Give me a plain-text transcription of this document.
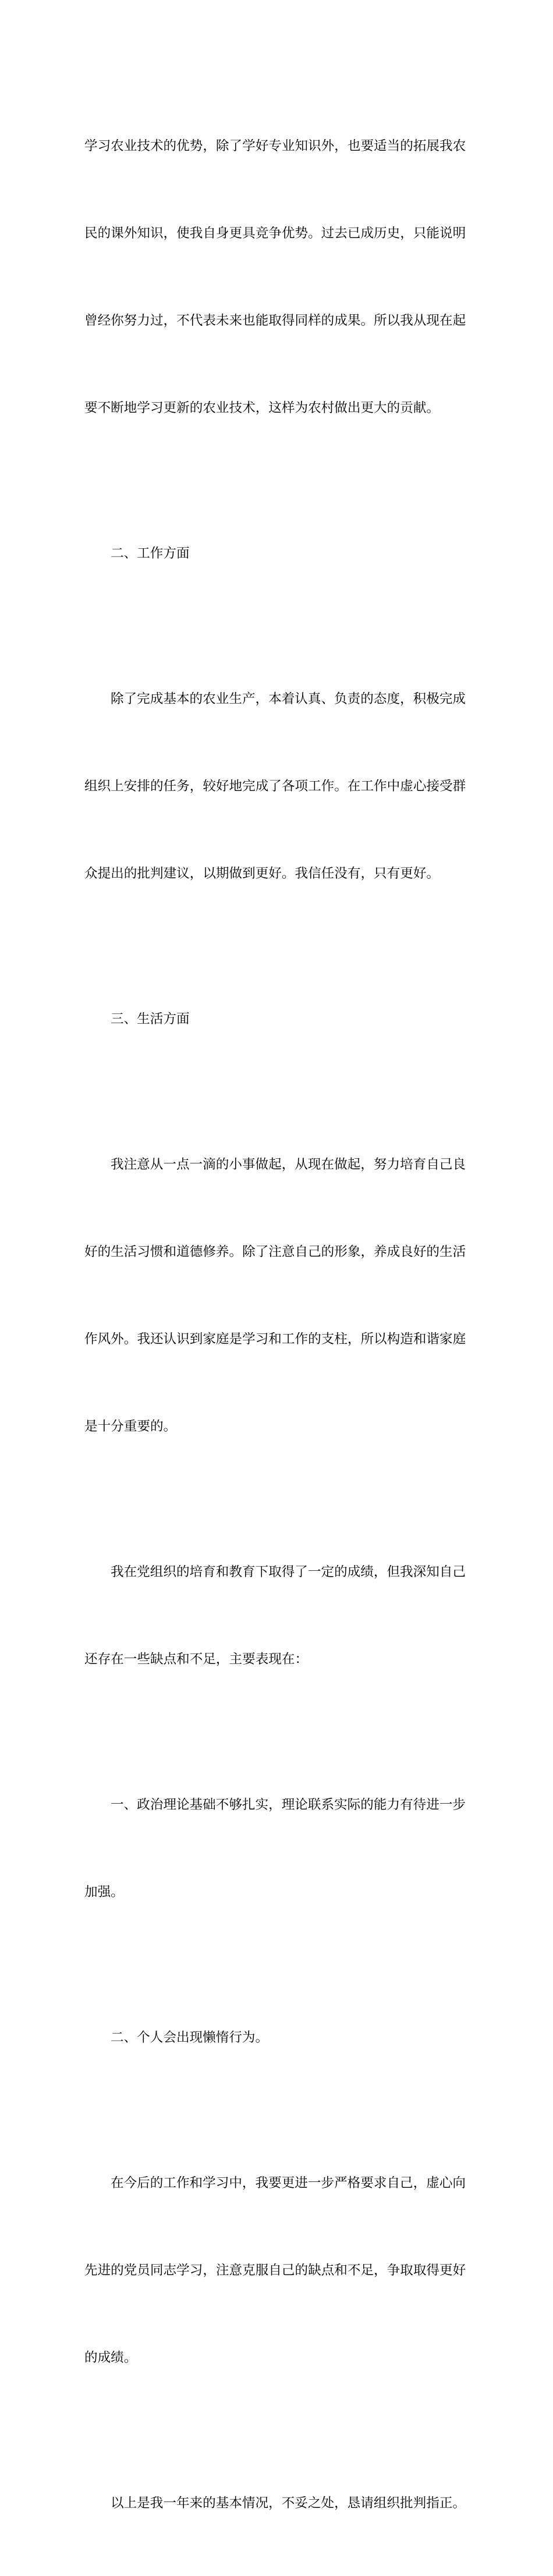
学习农业技术的优势，除了学好专业知识外，也要适当的拓展我农

民的课外知识，使我自身更具竞争优势。过去已成历史，只能说明

曾经你努力过，不代表未来也能取得同样的成果。所以我从现在起

要不断地学习更新的农业技术，这样为农村做出更大的贡献。

二、工作方面

除了完成基本的农业生产，本着认真、负责的态度，积极完成

组织上安排的任务，较好地完成了各项工作。在工作中虚心接受群

众提出的批判建议，以期做到更好。我信任没有，只有更好。

三、生活方面

我注意从一点一滴的小事做起，从现在做起，努力培育自己良

好的生活习惯和道德修养。除了注意自己的形象，养成良好的生活

作风外。我还认识到家庭是学习和工作的支柱，所以构造和谐家庭

是十分重要的。

我在党组织的培育和教育下取得了一定的成绩，但我深知自己

还存在一些缺点和不足，主要表现在：

一、政治理论基础不够扎实，理论联系实际的能力有待进一步

加强。

二、个人会出现懒惰行为。

在今后的工作和学习中，我要更进一步严格要求自己，虚心向

先进的党员同志学习，注意克服自己的缺点和不足，争取取得更好

的成绩。

以上是我一年来的基本情况，不妥之处，恳请组织批判指正。
